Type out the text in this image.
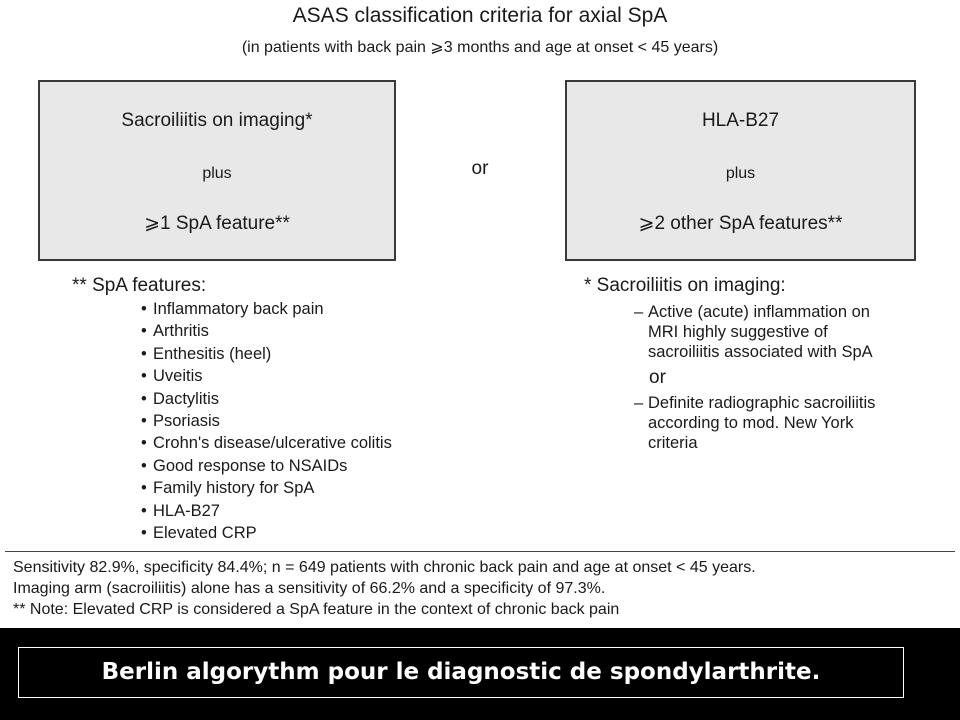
ASAS classification criteria for axial SpA
(in patients with back pain ⩾3 months and age at onset < 45 years)
Sacroiliitis on imaging*
plus
⩾1 SpA feature**
or
HLA-B27
plus
⩾2 other SpA features**
** SpA features:
• Inflammatory back pain
• Arthritis
• Enthesitis (heel)
• Uveitis
• Dactylitis
• Psoriasis
• Crohn's disease/ulcerative colitis
• Good response to NSAIDs
• Family history for SpA
• HLA-B27
• Elevated CRP
* Sacroiliitis on imaging:

– Active (acute) inflammation on

MRI highly suggestive of

sacroiliitis associated with SpA

or

– Definite radiographic sacroiliitis

according to mod. New York

criteria

Sensitivity 82.9%, specificity 84.4%; n = 649 patients with chronic back pain and age at onset < 45 years.
Imaging arm (sacroiliitis) alone has a sensitivity of 66.2% and a specificity of 97.3%.
** Note: Elevated CRP is considered a SpA feature in the context of chronic back pain
Berlin algorythm pour le diagnostic de spondylarthrite.
